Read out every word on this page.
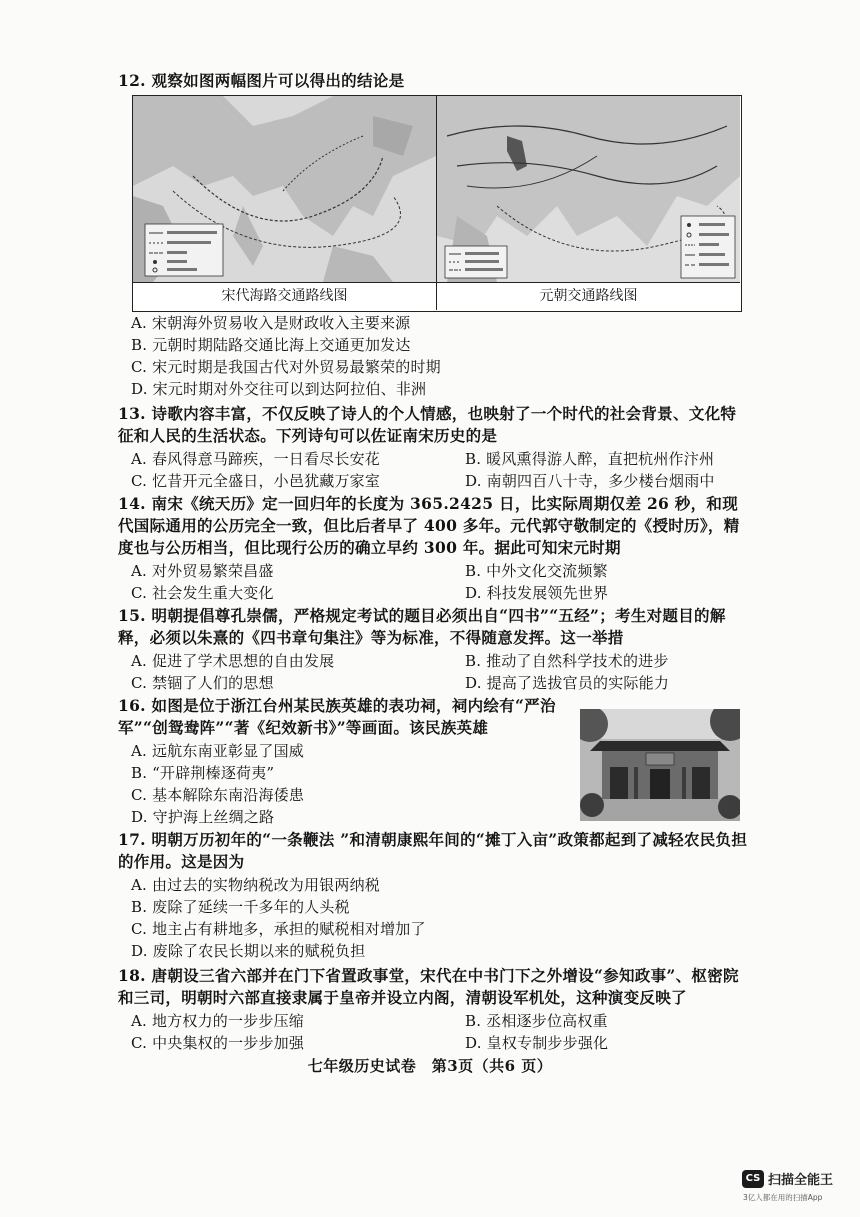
12. 观察如图两幅图片可以得出的结论是
宋代海路交通路线图	元朝交通路线图
A. 宋朝海外贸易收入是财政收入主要来源
B. 元朝时期陆路交通比海上交通更加发达
C. 宋元时期是我国古代对外贸易最繁荣的时期
D. 宋元时期对外交往可以到达阿拉伯、非洲
13. 诗歌内容丰富，不仅反映了诗人的个人情感，也映射了一个时代的社会背景、文化特征和人民的生活状态。下列诗句可以佐证南宋历史的是
A. 春风得意马蹄疾，一日看尽长安花	B. 暖风熏得游人醉，直把杭州作汴州
C. 忆昔开元全盛日，小邑犹藏万家室	D. 南朝四百八十寺，多少楼台烟雨中
14. 南宋《统天历》定一回归年的长度为 365.2425 日，比实际周期仅差 26 秒，和现代国际通用的公历完全一致，但比后者早了 400 多年。元代郭守敬制定的《授时历》，精度也与公历相当，但比现行公历的确立早约 300 年。据此可知宋元时期
A. 对外贸易繁荣昌盛	B. 中外文化交流频繁
C. 社会发生重大变化	D. 科技发展领先世界
15. 明朝提倡尊孔崇儒，严格规定考试的题目必须出自“四书”“五经”；考生对题目的解释，必须以朱熹的《四书章句集注》等为标准，不得随意发挥。这一举措
A. 促进了学术思想的自由发展	B. 推动了自然科学技术的进步
C. 禁锢了人们的思想	D. 提高了选拔官员的实际能力
16. 如图是位于浙江台州某民族英雄的表功祠，祠内绘有“严治
军”“创鸳鸯阵”“著《纪效新书》”等画面。该民族英雄
A. 远航东南亚彰显了国威
B. “开辟荆榛逐荷夷”
C. 基本解除东南沿海倭患
D. 守护海上丝绸之路
17. 明朝万历初年的“一条鞭法 ”和清朝康熙年间的“摊丁入亩”政策都起到了减轻农民负担的作用。这是因为
A. 由过去的实物纳税改为用银两纳税
B. 废除了延续一千多年的人头税
C. 地主占有耕地多，承担的赋税相对增加了
D. 废除了农民长期以来的赋税负担
18. 唐朝设三省六部并在门下省置政事堂，宋代在中书门下之外增设“参知政事”、枢密院和三司，明朝时六部直接隶属于皇帝并设立内阁，清朝设军机处，这种演变反映了
A. 地方权力的一步步压缩	B. 丞相逐步位高权重
C. 中央集权的一步步加强	D. 皇权专制步步强化
七年级历史试卷　第3页（共6 页）
CS 扫描全能王
3亿人都在用的扫描App
